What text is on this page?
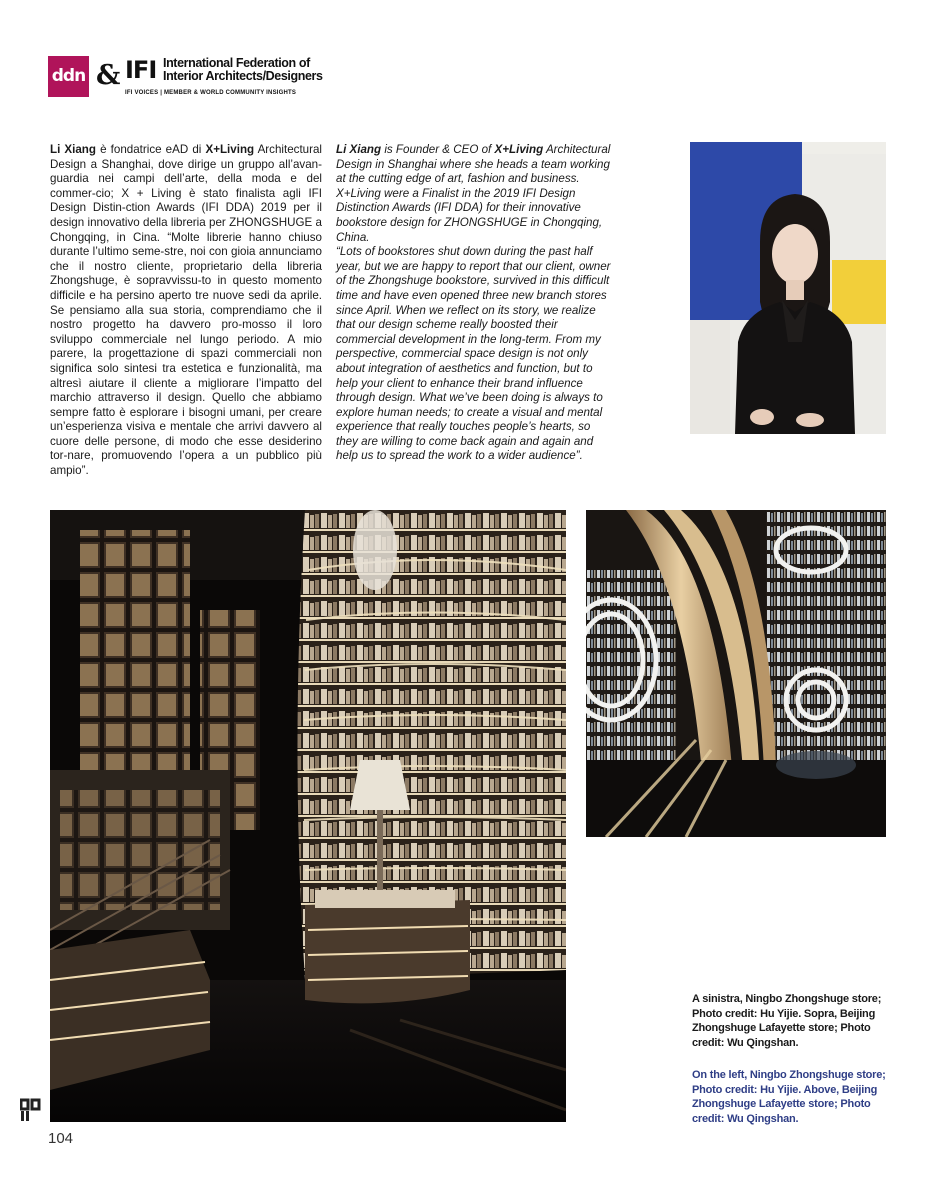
ddn & IFI International Federation of Interior Architects/Designers
IFI VOICES | MEMBER & WORLD COMMUNITY INSIGHTS

Li Xiang è fondatrice eAD di X+Living Architectural Design a Shanghai, dove dirige un gruppo all’avan-guardia nei campi dell’arte, della moda e del commer-cio; X + Living è stato finalista agli IFI Design Distin-ction Awards (IFI DDA) 2019 per il design innovativo della libreria per ZHONGSHUGE a Chongqing, in Cina. “Molte librerie hanno chiuso durante l’ultimo seme-stre, noi con gioia annunciamo che il nostro cliente, proprietario della libreria Zhongshuge, è sopravvissu-to in questo momento difficile e ha persino aperto tre nuove sedi da aprile. Se pensiamo alla sua storia, comprendiamo che il nostro progetto ha davvero pro-mosso il loro sviluppo commerciale nel lungo periodo. A mio parere, la progettazione di spazi commerciali non significa solo sintesi tra estetica e funzionalità, ma altresì aiutare il cliente a migliorare l’impatto del marchio attraverso il design. Quello che abbiamo sempre fatto è esplorare i bisogni umani, per creare un’esperienza visiva e mentale che arrivi davvero al cuore delle persone, di modo che esse desiderino tor-nare, promuovendo l’opera a un pubblico più ampio”.

Li Xiang is Founder & CEO of X+Living Architectural Design in Shanghai where she heads a team working at the cutting edge of art, fashion and business. X+Living were a Finalist in the 2019 IFI Design Distinction Awards (IFI DDA) for their innovative bookstore design for ZHONGSHUGE in Chongqing, China.

“Lots of bookstores shut down during the past half year, but we are happy to report that our client, owner of the Zhongshuge bookstore, survived in this difficult time and have even opened three new branch stores since April. When we reflect on its story, we realize that our design scheme really boosted their commercial development in the long-term. From my perspective, commercial space design is not only about integration of aesthetics and function, but to help your client to enhance their brand influence through design. What we’ve been doing is always to explore human needs; to create a visual and mental experience that really touches people’s hearts, so they are willing to come back again and again and help us to spread the work to a wider audience”.

A sinistra, Ningbo Zhongshuge store; Photo credit: Hu Yijie. Sopra, Beijing Zhongshuge Lafayette store; Photo credit: Wu Qingshan.
On the left, Ningbo Zhongshuge store; Photo credit: Hu Yijie. Above, Beijing Zhongshuge Lafayette store; Photo credit: Wu Qingshan.
104
